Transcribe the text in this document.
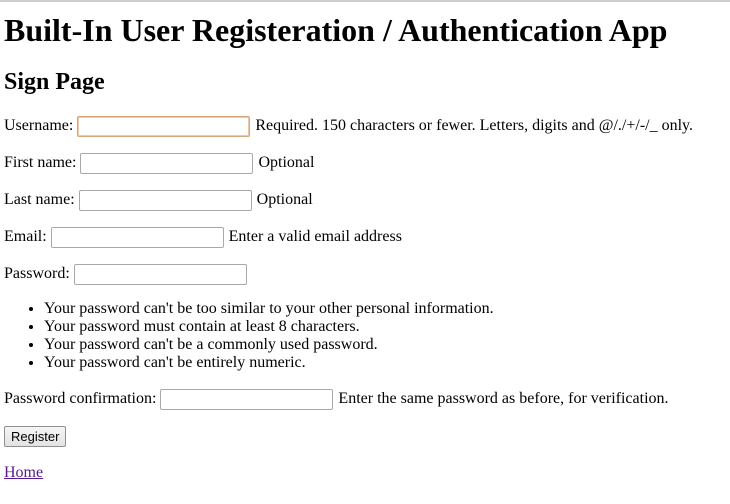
Built-In User Registeration / Authentication App
Sign Page
Username:	Required. 150 characters or fewer. Letters, digits and @/./+/-/_ only.
First name:	Optional
Last name:	Optional
Email:	Enter a valid email address
Password:
• Your password can't be too similar to your other personal information.
• Your password must contain at least 8 characters.
• Your password can't be a commonly used password.
• Your password can't be entirely numeric.
Password confirmation:	Enter the same password as before, for verification.
Register
Home
